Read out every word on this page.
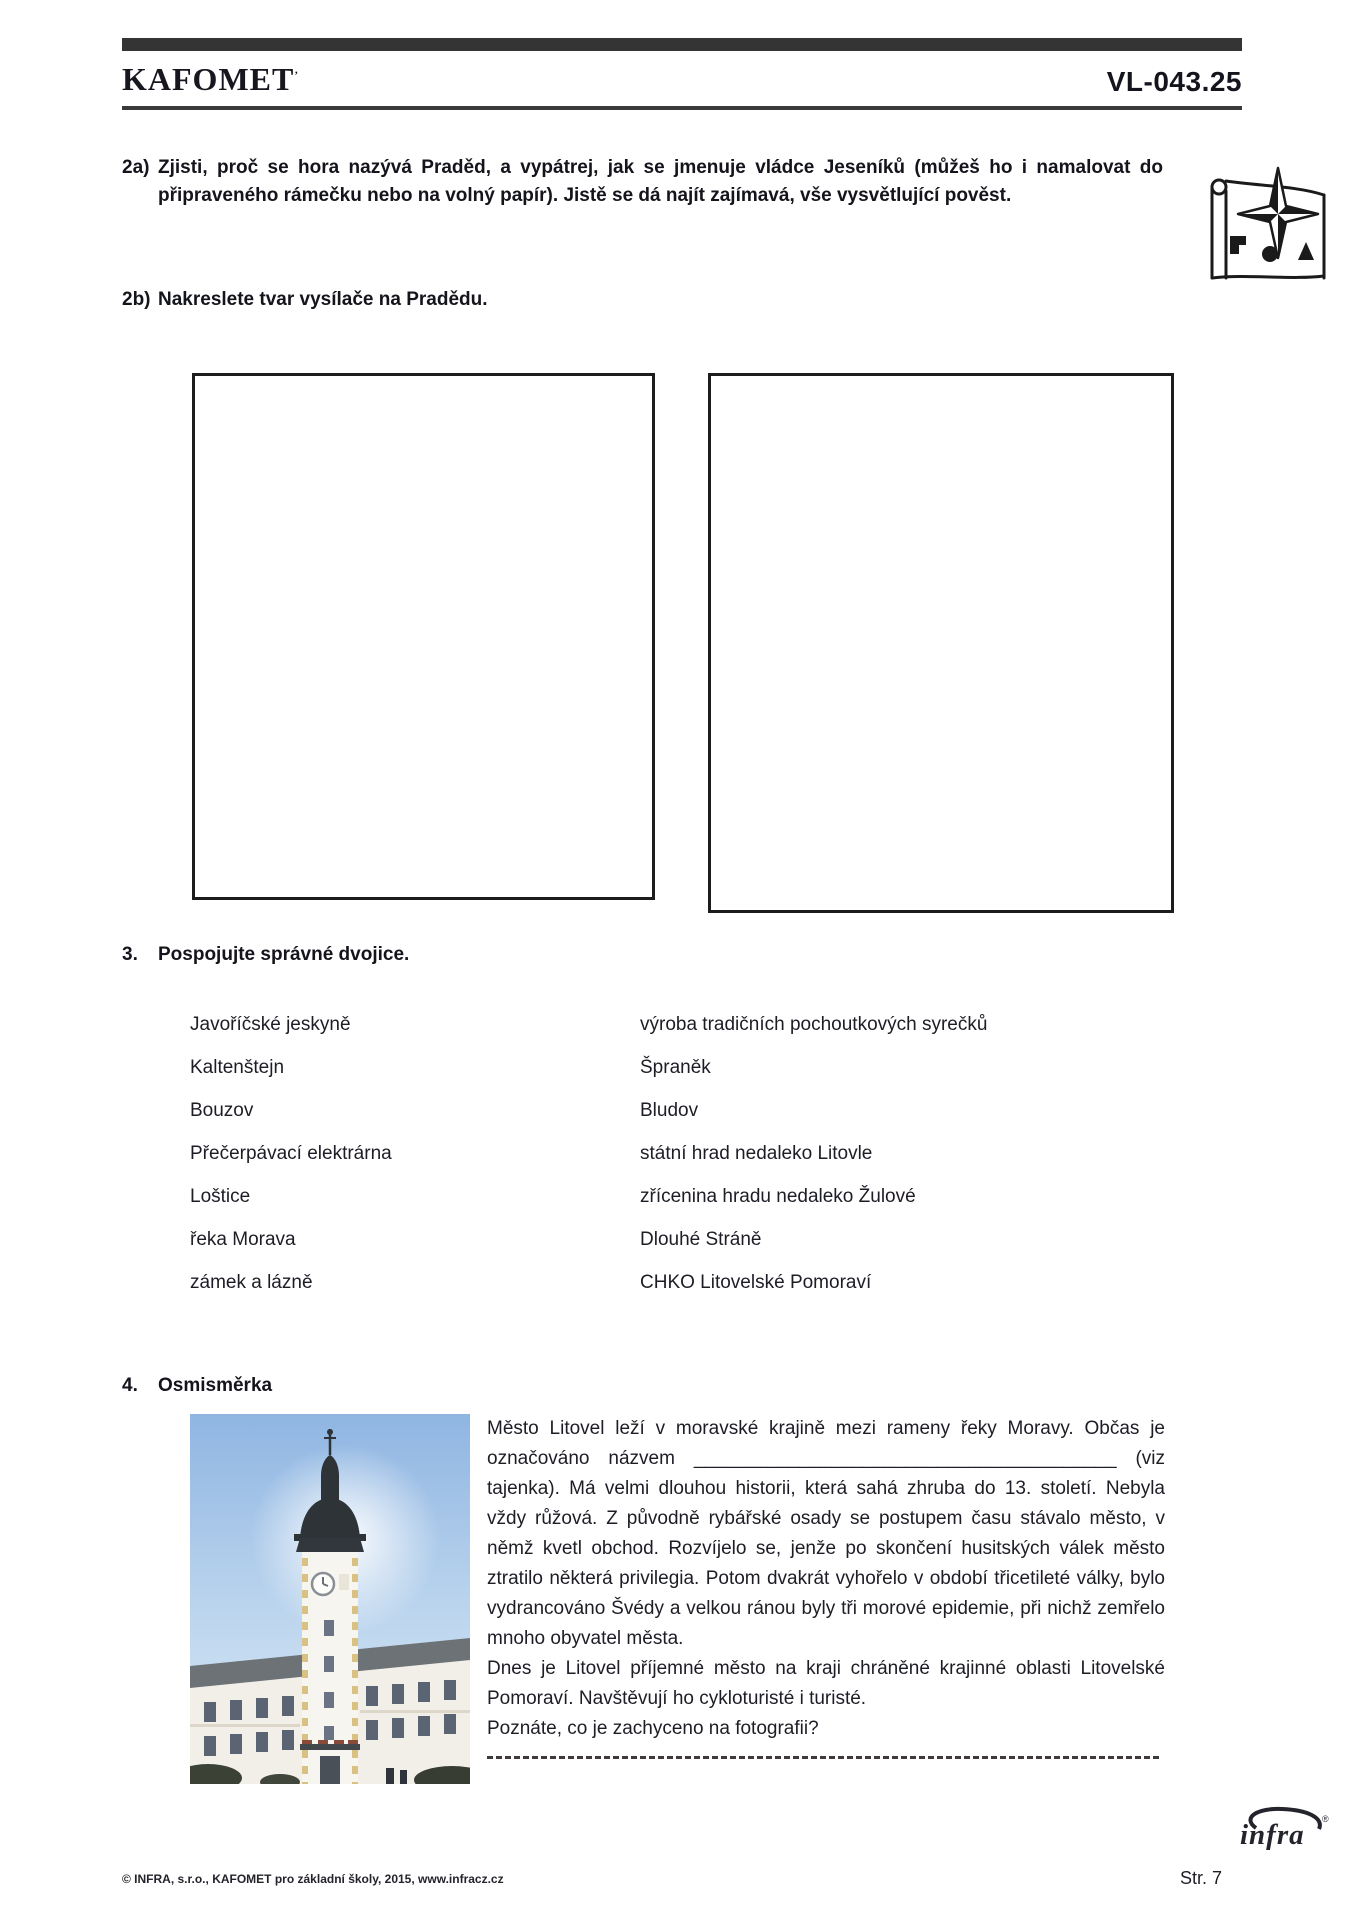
KAFOMET’	VL-043.25
2a) Zjisti, proč se hora nazývá Praděd, a vypátrej, jak se jmenuje vládce Jeseníků (můžeš ho i namalovat do připraveného rámečku nebo na volný papír). Jistě se dá najít zajímavá, vše vysvětlující pověst.
2b) Nakreslete tvar vysílače na Pradědu.
3.	Pospojujte správné dvojice.
Javoříčské jeskyně	výroba tradičních pochoutkových syrečků
Kaltenštejn	Špraněk
Bouzov	Bludov
Přečerpávací elektrárna	státní hrad nedaleko Litovle
Loštice	zřícenina hradu nedaleko Žulové
řeka Morava	Dlouhé Stráně
zámek a lázně	CHKO Litovelské Pomoraví
4.	Osmisměrka

Město Litovel leží v moravské krajině mezi rameny řeky Moravy. Občas je označováno názvem ________________________________________ (viz tajenka). Má velmi dlouhou historii, která sahá zhruba do 13. století. Nebyla vždy růžová. Z původně rybářské osady se postupem času stávalo město, v němž kvetl obchod. Rozvíjelo se, jenže po skončení husitských válek město ztratilo některá privilegia. Potom dvakrát vyhořelo v období třicetileté války, bylo vydrancováno Švédy a velkou ránou byly tři morové epidemie, při nichž zemřelo mnoho obyvatel města.

Dnes je Litovel příjemné město na kraji chráněné krajinné oblasti Litovelské Pomoraví. Navštěvují ho cykloturisté i turisté.

Poznáte, co je zachyceno na fotografii?

infra ®
© INFRA, s.r.o., KAFOMET pro základní školy, 2015, www.infracz.cz	Str. 7
